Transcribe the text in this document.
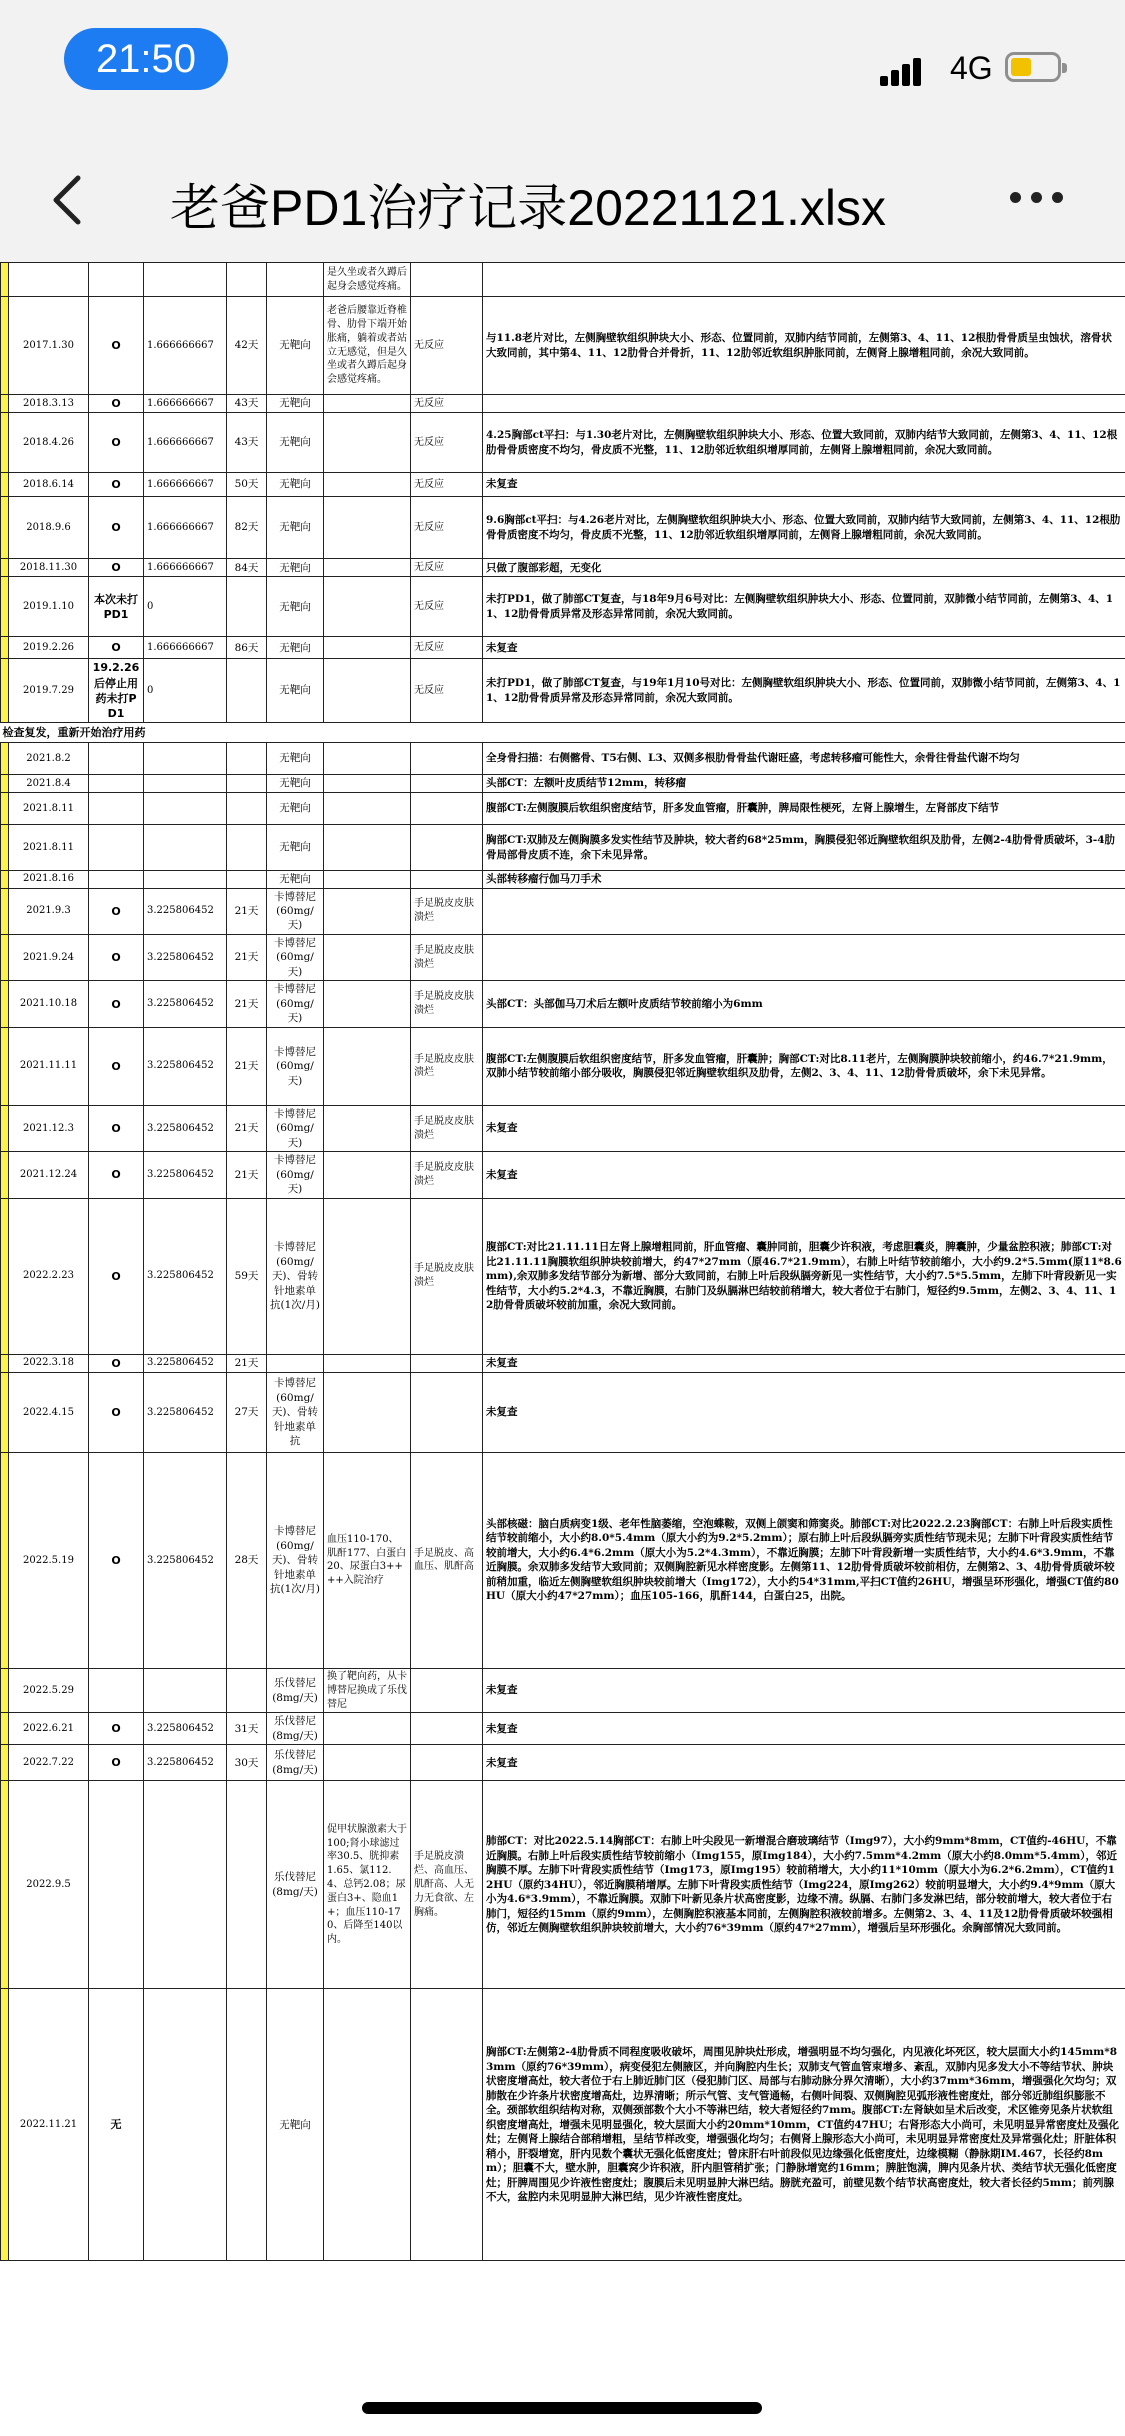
21:50	4G
老爸PD1治疗记录20221121.xlsx
						是久坐或者久蹲后起身会感觉疼痛。		
	2017.1.30	O	1.666666667	42天	无靶向	老爸后腰靠近脊椎骨、肋骨下端开始胀痛，躺着或者站立无感觉，但是久坐或者久蹲后起身会感觉疼痛。	无反应	与11.8老片对比，左侧胸壁软组织肿块大小、形态、位置同前，双肺内结节同前，左侧第3、4、11、12根肋骨骨质呈虫蚀状，溶骨状大致同前，其中第4、11、12肋骨合并骨折，11、12肋邻近软组织肿胀同前，左侧肾上腺增粗同前，余况大致同前。
	2018.3.13	O	1.666666667	43天	无靶向		无反应	
	2018.4.26	O	1.666666667	43天	无靶向		无反应	4.25胸部ct平扫：与1.30老片对比，左侧胸壁软组织肿块大小、形态、位置大致同前，双肺内结节大致同前，左侧第3、4、11、12根肋骨骨质密度不均匀，骨皮质不光整，11、12肋邻近软组织增厚同前，左侧肾上腺增粗同前，余况大致同前。
	2018.6.14	O	1.666666667	50天	无靶向		无反应	未复查
	2018.9.6	O	1.666666667	82天	无靶向		无反应	9.6胸部ct平扫：与4.26老片对比，左侧胸壁软组织肿块大小、形态、位置大致同前，双肺内结节大致同前，左侧第3、4、11、12根肋骨骨质密度不均匀，骨皮质不光整，11、12肋邻近软组织增厚同前，左侧肾上腺增粗同前，余况大致同前。
	2018.11.30	O	1.666666667	84天	无靶向		无反应	只做了腹部彩超，无变化
	2019.1.10	本次未打PD1	0		无靶向		无反应	未打PD1，做了肺部CT复查，与18年9月6号对比：左侧胸壁软组织肿块大小、形态、位置同前，双肺微小结节同前，左侧第3、4、11、12肋骨骨质异常及形态异常同前，余况大致同前。
	2019.2.26	O	1.666666667	86天	无靶向		无反应	未复查
	2019.7.29	19.2.26后停止用药未打PD1	0		无靶向		无反应	未打PD1，做了肺部CT复查，与19年1月10号对比：左侧胸壁软组织肿块大小、形态、位置同前，双肺微小结节同前，左侧第3、4、11、12肋骨骨质异常及形态异常同前，余况大致同前。
检查复发，重新开始治疗用药								
	2021.8.2				无靶向			全身骨扫描：右侧髂骨、T5右侧、L3、双侧多根肋骨骨盐代谢旺盛，考虑转移瘤可能性大，余骨往骨盐代谢不均匀
	2021.8.4				无靶向			头部CT：左额叶皮质结节12mm，转移瘤
	2021.8.11				无靶向			腹部CT:左侧腹膜后软组织密度结节，肝多发血管瘤，肝囊肿，脾局限性梗死，左肾上腺增生，左肾部皮下结节
	2021.8.11				无靶向			胸部CT:双肺及左侧胸膜多发实性结节及肿块，较大者约68*25mm，胸膜侵犯邻近胸壁软组织及肋骨，左侧2-4肋骨骨质破坏，3-4肋骨局部骨皮质不连，余下未见异常。
	2021.8.16				无靶向			头部转移瘤行伽马刀手术
	2021.9.3	O	3.225806452	21天	卡博替尼(60mg/天)		手足脱皮皮肤溃烂	
	2021.9.24	O	3.225806452	21天	卡博替尼(60mg/天)		手足脱皮皮肤溃烂	
	2021.10.18	O	3.225806452	21天	卡博替尼(60mg/天)		手足脱皮皮肤溃烂	头部CT：头部伽马刀术后左额叶皮质结节较前缩小为6mm
	2021.11.11	O	3.225806452	21天	卡博替尼(60mg/天)		手足脱皮皮肤溃烂	腹部CT:左侧腹膜后软组织密度结节，肝多发血管瘤，肝囊肿；胸部CT:对比8.11老片，左侧胸膜肿块较前缩小，约46.7*21.9mm，双肺小结节较前缩小部分吸收，胸膜侵犯邻近胸壁软组织及肋骨，左侧2、3、4、11、12肋骨骨质破坏，余下未见异常。
	2021.12.3	O	3.225806452	21天	卡博替尼(60mg/天)		手足脱皮皮肤溃烂	未复查
	2021.12.24	O	3.225806452	21天	卡博替尼(60mg/天)		手足脱皮皮肤溃烂	未复查
	2022.2.23	O	3.225806452	59天	卡博替尼(60mg/天)、骨转针地素单抗(1次/月)		手足脱皮皮肤溃烂	腹部CT:对比21.11.11日左肾上腺增粗同前，肝血管瘤、囊肿同前，胆囊少许积液，考虑胆囊炎，脾囊肿，少量盆腔积液；肺部CT:对比21.11.11胸膜软组织肿块较前增大，约47*27mm（原46.7*21.9mm），右肺上叶结节较前缩小，大小约9.2*5.5mm(原11*8.6mm),余双肺多发结节部分为新增、部分大致同前，右肺上叶后段纵膈旁新见一实性结节，大小约7.5*5.5mm，左肺下叶背段新见一实性结节，大小约5.2*4.3，不靠近胸膜，右肺门及纵膈淋巴结较前稍增大，较大者位于右肺门，短径约9.5mm，左侧2、3、4、11、12肋骨骨质破坏较前加重，余况大致同前。
	2022.3.18	O	3.225806452	21天				未复查
	2022.4.15	O	3.225806452	27天	卡博替尼(60mg/天)、骨转针地素单抗			未复查
	2022.5.19	O	3.225806452	28天	卡博替尼(60mg/天)、骨转针地素单抗(1次/月)	血压110-170、肌酐177、白蛋白20、尿蛋白3++++入院治疗	手足脱皮、高血压、肌酐高	头部核磁：脑白质病变1级、老年性脑萎缩，空泡蝶鞍，双侧上颌窦和筛窦炎。肺部CT:对比2022.2.23胸部CT：右肺上叶后段实质性结节较前缩小，大小约8.0*5.4mm（原大小约为9.2*5.2mm）；原右肺上叶后段纵膈旁实质性结节现未见；左肺下叶背段实质性结节较前增大，大小约6.4*6.2mm（原大小为5.2*4.3mm），不靠近胸膜；左肺下叶背段新增一实质性结节，大小约4.6*3.9mm，不靠近胸膜。余双肺多发结节大致同前；双侧胸腔新见水样密度影。左侧第11、12肋骨骨质破坏较前相仿，左侧第2、3、4肋骨骨质破坏较前稍加重，临近左侧胸壁软组织肿块较前增大（Img172），大小约54*31mm,平扫CT值约26HU，增强呈环形强化，增强CT值约80HU（原大小约47*27mm）；血压105-166，肌酐144，白蛋白25，出院。
	2022.5.29				乐伐替尼(8mg/天)	换了靶向药，从卡博替尼换成了乐伐替尼		未复查
	2022.6.21	O	3.225806452	31天	乐伐替尼(8mg/天)			未复查
	2022.7.22	O	3.225806452	30天	乐伐替尼(8mg/天)			未复查
	2022.9.5				乐伐替尼(8mg/天)	促甲状腺激素大于100;肾小球滤过率30.5、胱抑素1.65、氯112.4、总钙2.08；尿蛋白3+、隐血1+；血压110-170、后降至140以内。	手足脱皮溃烂、高血压、肌酐高、人无力无食欲、左胸痛。	肺部CT：对比2022.5.14胸部CT：右肺上叶尖段见一新增混合磨玻璃结节（Img97），大小约9mm*8mm，CT值约-46HU，不靠近胸膜。右肺上叶后段实质性结节较前缩小（Img155，原Img184），大小约7.5mm*4.2mm（原大小约8.0mm*5.4mm），邻近胸膜不厚。左肺下叶背段实质性结节（Img173，原Img195）较前稍增大，大小约11*10mm（原大小为6.2*6.2mm），CT值约12HU（原约34HU），邻近胸膜稍增厚。左肺下叶背段实质性结节（Img224，原Img262）较前明显增大，大小约9.4*9mm（原大小为4.6*3.9mm），不靠近胸膜。双肺下叶新见条片状高密度影，边缘不清。纵膈、右肺门多发淋巴结，部分较前增大，较大者位于右肺门，短径约15mm（原约9mm），左侧胸腔积液基本同前，左侧胸腔积液较前增多。左侧第2、3、4、11及12肋骨骨质破坏较强相仿，邻近左侧胸壁软组织肿块较前增大，大小约76*39mm（原约47*27mm），增强后呈环形强化。余胸部情况大致同前。
	2022.11.21	无			无靶向			胸部CT:左侧第2-4肋骨质不同程度吸收破坏，周围见肿块灶形成，增强明显不均匀强化，内见液化坏死区，较大层面大小约145mm*83mm（原约76*39mm），病变侵犯左侧腋区，并向胸腔内生长；双肺支气管血管束增多、紊乱，双肺内见多发大小不等结节状、肿块状密度增高灶，较大者位于右上肺近肺门区（侵犯肺门区、局部与右肺动脉分界欠清晰），大小约37mm*36mm，增强强化欠均匀；双肺散在少许条片状密度增高灶，边界清晰；所示气管、支气管通畅，右侧叶间裂、双侧胸腔见弧形液性密度灶，部分邻近肺组织膨胀不全。颈部软组织结构对称，双侧颈部数个大小不等淋巴结，较大者短径约7mm。腹部CT:左肾缺如呈术后改变，术区锥旁见条片状软组织密度增高灶，增强未见明显强化，较大层面大小约20mm*10mm，CT值约47HU；右肾形态大小尚可，未见明显异常密度灶及强化灶；左侧肾上腺结合部稍增粗，呈结节样改变，增强强化均匀；右侧肾上腺形态大小尚可，未见明显异常密度灶及异常强化灶；肝脏体积稍小，肝裂增宽，肝内见数个囊状无强化低密度灶；曾床肝右叶前段似见边缘强化低密度灶，边缘模糊（静脉期IM.467，长径约8mm）；胆囊不大，壁水肿，胆囊窝少许积液，肝内胆管稍扩张；门静脉增宽约16mm；脾脏饱满，脾内见条片状、类结节状无强化低密度灶；肝脾周围见少许液性密度灶；腹膜后未见明显肿大淋巴结。膀胱充盈可，前壁见数个结节状高密度灶，较大者长径约5mm；前列腺不大，盆腔内未见明显肿大淋巴结，见少许液性密度灶。
